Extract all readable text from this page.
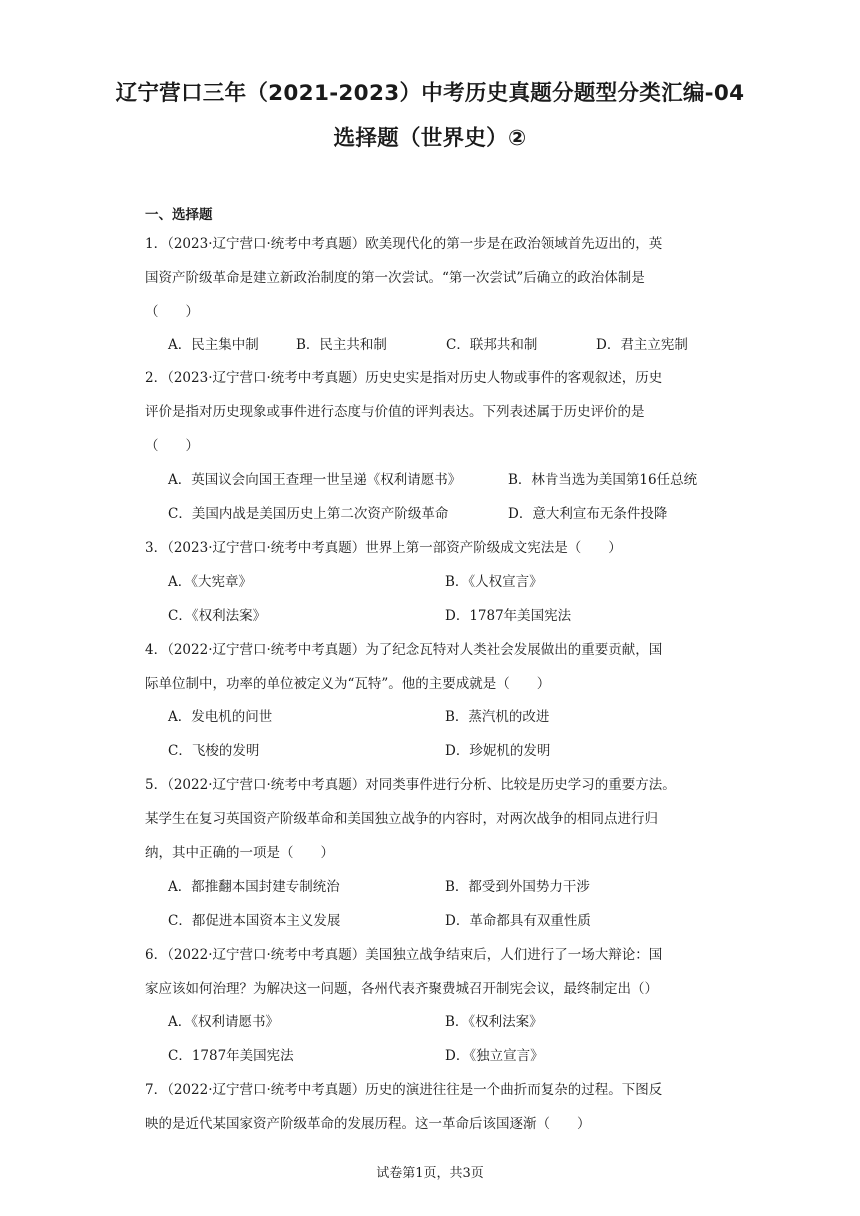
辽宁营口三年（2021-2023）中考历史真题分题型分类汇编-04
选择题（世界史）②
一、选择题
1．（2023·辽宁营口·统考中考真题）欧美现代化的第一步是在政治领域首先迈出的，英
国资产阶级革命是建立新政治制度的第一次尝试。“第一次尝试”后确立的政治体制是
（　　）
A．民主集中制	B．民主共和制	C．联邦共和制	D．君主立宪制
2．（2023·辽宁营口·统考中考真题）历史史实是指对历史人物或事件的客观叙述，历史
评价是指对历史现象或事件进行态度与价值的评判表达。下列表述属于历史评价的是
（　　）
A．英国议会向国王查理一世呈递《权利请愿书》	B．林肯当选为美国第16任总统
C．美国内战是美国历史上第二次资产阶级革命	D．意大利宣布无条件投降
3．（2023·辽宁营口·统考中考真题）世界上第一部资产阶级成文宪法是（　　）
A．《大宪章》	B．《人权宣言》
C．《权利法案》	D．1787年美国宪法
4．（2022·辽宁营口·统考中考真题）为了纪念瓦特对人类社会发展做出的重要贡献，国
际单位制中，功率的单位被定义为“瓦特”。他的主要成就是（　　）
A．发电机的问世	B．蒸汽机的改进
C．飞梭的发明	D．珍妮机的发明
5．（2022·辽宁营口·统考中考真题）对同类事件进行分析、比较是历史学习的重要方法。
某学生在复习英国资产阶级革命和美国独立战争的内容时，对两次战争的相同点进行归
纳，其中正确的一项是（　　）
A．都推翻本国封建专制统治	B．都受到外国势力干涉
C．都促进本国资本主义发展	D．革命都具有双重性质
6．（2022·辽宁营口·统考中考真题）美国独立战争结束后，人们进行了一场大辩论：国
家应该如何治理？为解决这一问题，各州代表齐聚费城召开制宪会议，最终制定出（）
A．《权利请愿书》	B．《权利法案》
C．1787年美国宪法	D．《独立宣言》
7．（2022·辽宁营口·统考中考真题）历史的演进往往是一个曲折而复杂的过程。下图反
映的是近代某国家资产阶级革命的发展历程。这一革命后该国逐渐（　　）
试卷第1页，共3页
